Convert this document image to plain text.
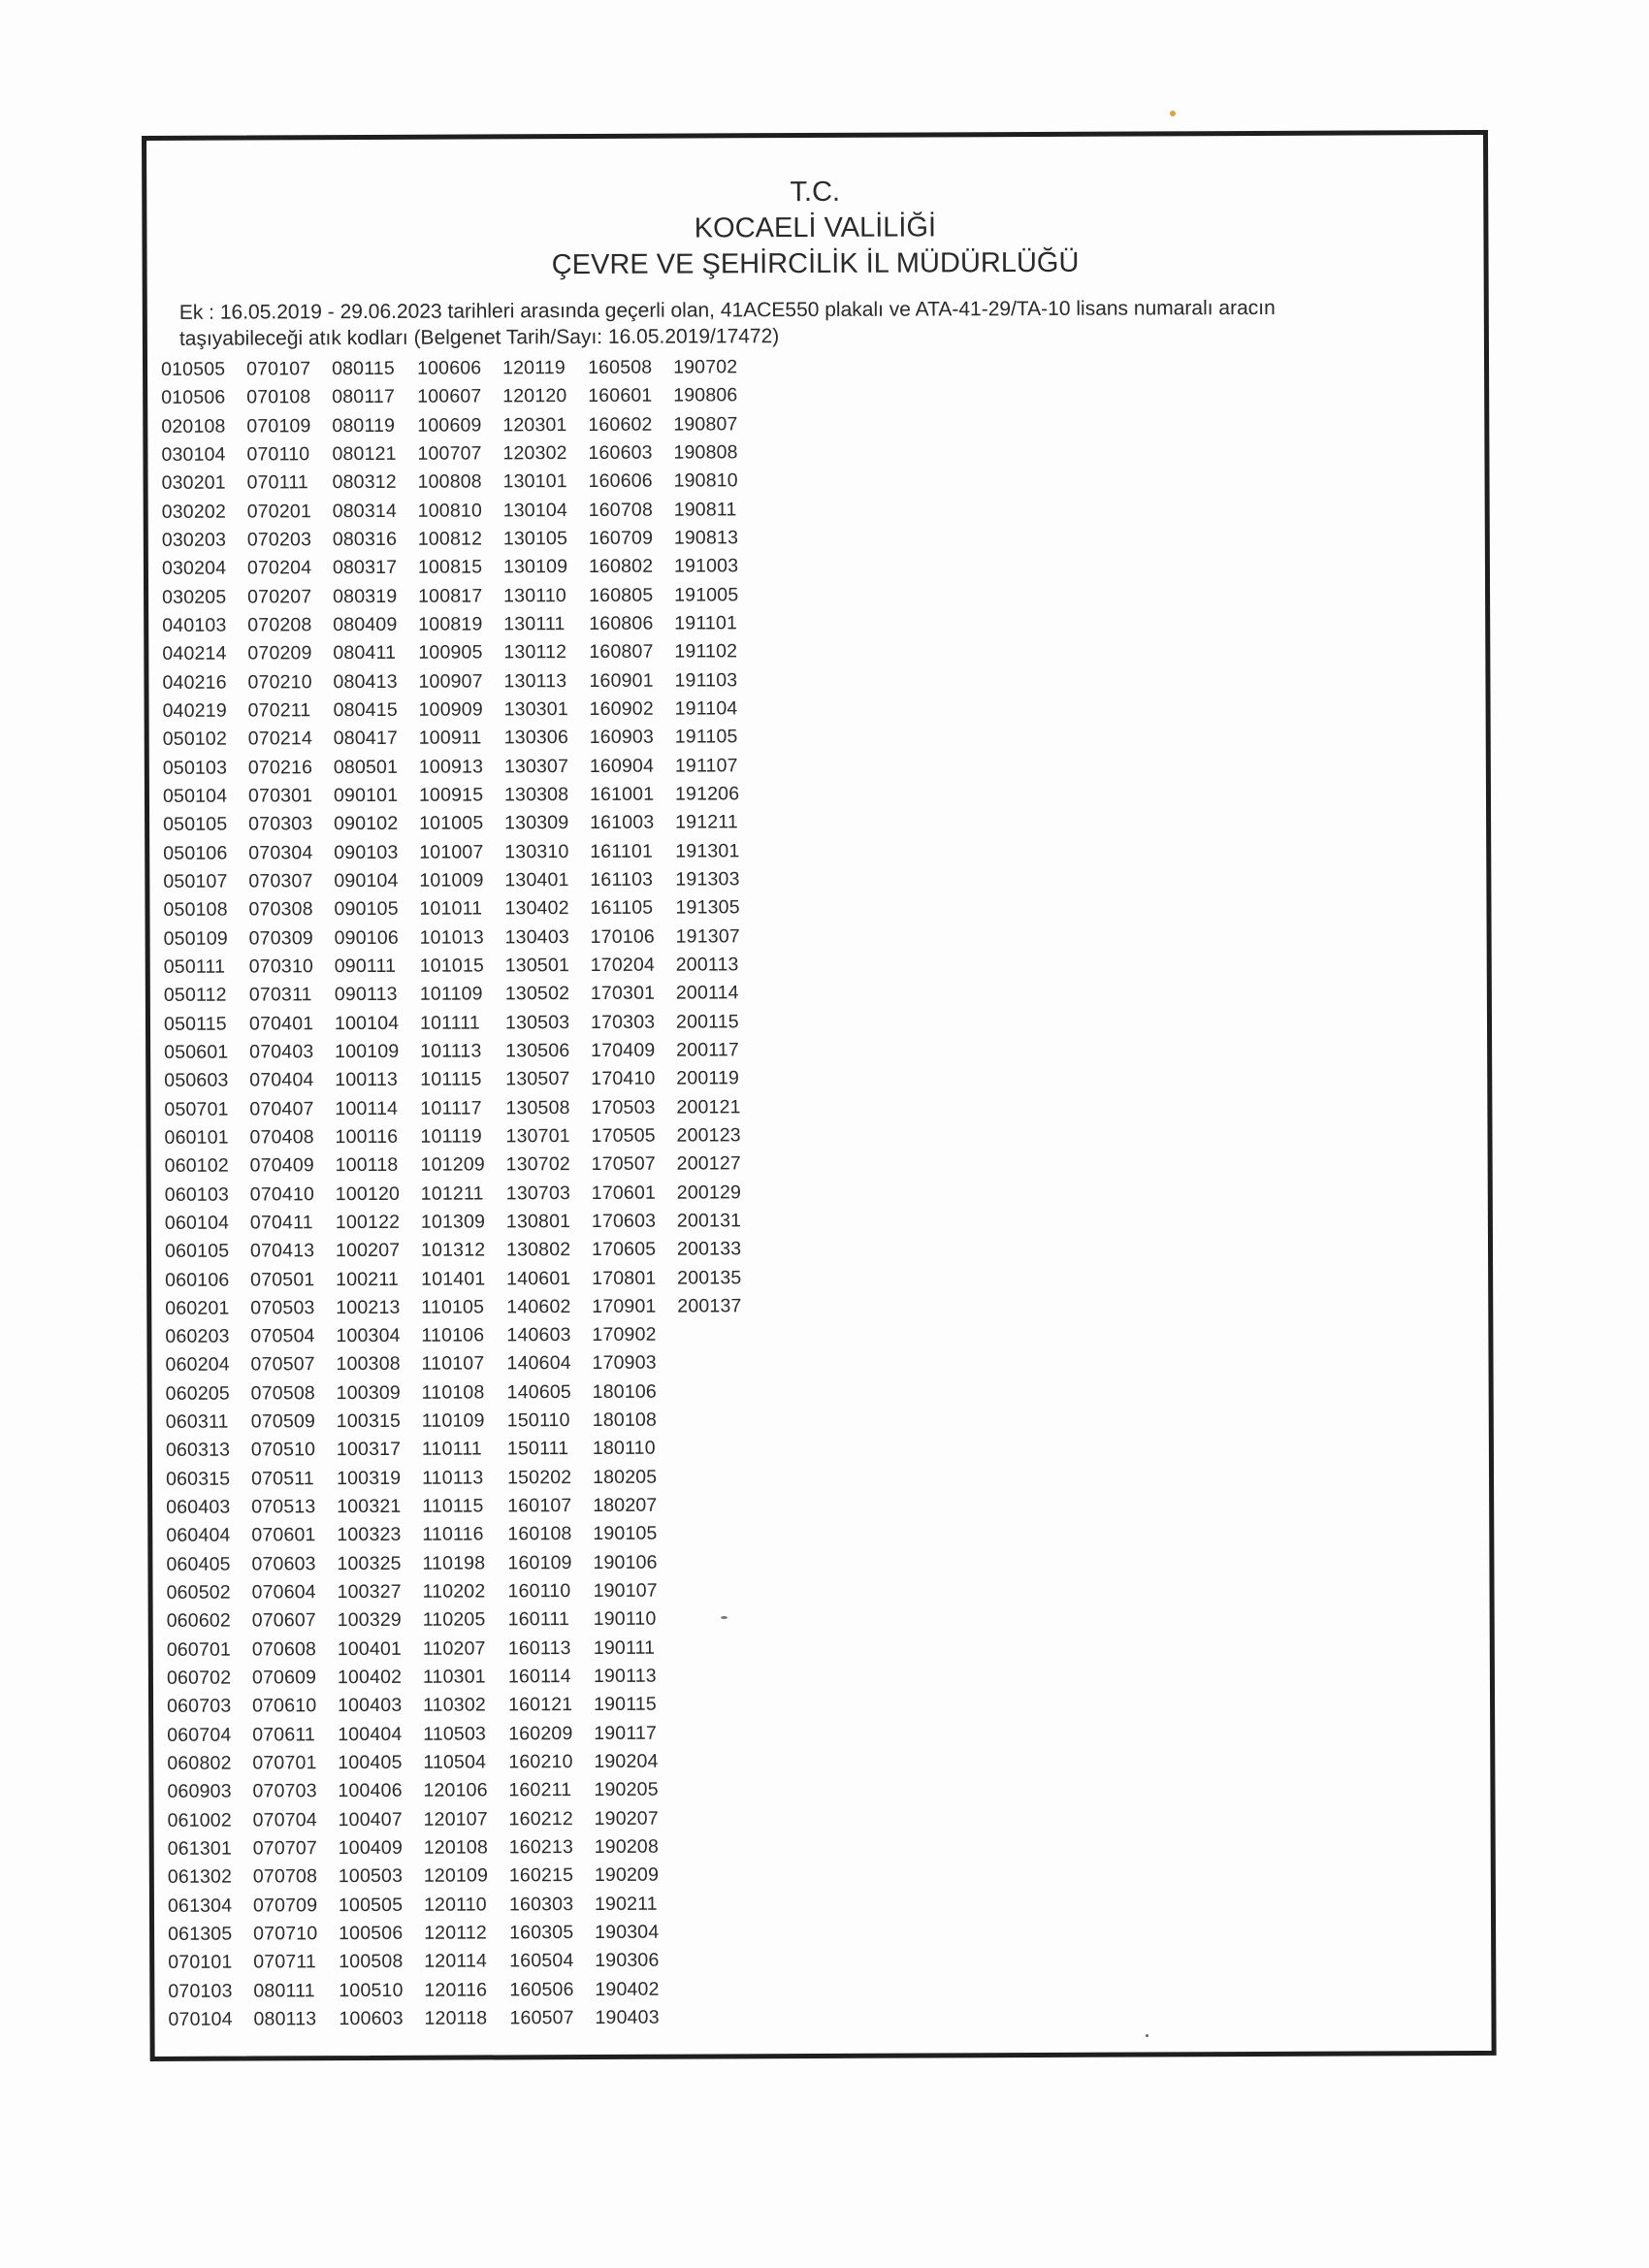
T.C.
KOCAELİ VALİLİĞİ
ÇEVRE VE ŞEHİRCİLİK İL MÜDÜRLÜĞÜ
Ek : 16.05.2019 - 29.06.2023 tarihleri arasında geçerli olan, 41ACE550 plakalı ve ATA-41-29/TA-10 lisans numaralı aracın
taşıyabileceği atık kodları (Belgenet Tarih/Sayı: 16.05.2019/17472)
010505
010506
020108
030104
030201
030202
030203
030204
030205
040103
040214
040216
040219
050102
050103
050104
050105
050106
050107
050108
050109
050111
050112
050115
050601
050603
050701
060101
060102
060103
060104
060105
060106
060201
060203
060204
060205
060311
060313
060315
060403
060404
060405
060502
060602
060701
060702
060703
060704
060802
060903
061002
061301
061302
061304
061305
070101
070103
070104
070107
070108
070109
070110
070111
070201
070203
070204
070207
070208
070209
070210
070211
070214
070216
070301
070303
070304
070307
070308
070309
070310
070311
070401
070403
070404
070407
070408
070409
070410
070411
070413
070501
070503
070504
070507
070508
070509
070510
070511
070513
070601
070603
070604
070607
070608
070609
070610
070611
070701
070703
070704
070707
070708
070709
070710
070711
080111
080113
080115
080117
080119
080121
080312
080314
080316
080317
080319
080409
080411
080413
080415
080417
080501
090101
090102
090103
090104
090105
090106
090111
090113
100104
100109
100113
100114
100116
100118
100120
100122
100207
100211
100213
100304
100308
100309
100315
100317
100319
100321
100323
100325
100327
100329
100401
100402
100403
100404
100405
100406
100407
100409
100503
100505
100506
100508
100510
100603
100606
100607
100609
100707
100808
100810
100812
100815
100817
100819
100905
100907
100909
100911
100913
100915
101005
101007
101009
101011
101013
101015
101109
101111
101113
101115
101117
101119
101209
101211
101309
101312
101401
110105
110106
110107
110108
110109
110111
110113
110115
110116
110198
110202
110205
110207
110301
110302
110503
110504
120106
120107
120108
120109
120110
120112
120114
120116
120118
120119
120120
120301
120302
130101
130104
130105
130109
130110
130111
130112
130113
130301
130306
130307
130308
130309
130310
130401
130402
130403
130501
130502
130503
130506
130507
130508
130701
130702
130703
130801
130802
140601
140602
140603
140604
140605
150110
150111
150202
160107
160108
160109
160110
160111
160113
160114
160121
160209
160210
160211
160212
160213
160215
160303
160305
160504
160506
160507
160508
160601
160602
160603
160606
160708
160709
160802
160805
160806
160807
160901
160902
160903
160904
161001
161003
161101
161103
161105
170106
170204
170301
170303
170409
170410
170503
170505
170507
170601
170603
170605
170801
170901
170902
170903
180106
180108
180110
180205
180207
190105
190106
190107
190110
190111
190113
190115
190117
190204
190205
190207
190208
190209
190211
190304
190306
190402
190403
190702
190806
190807
190808
190810
190811
190813
191003
191005
191101
191102
191103
191104
191105
191107
191206
191211
191301
191303
191305
191307
200113
200114
200115
200117
200119
200121
200123
200127
200129
200131
200133
200135
200137
